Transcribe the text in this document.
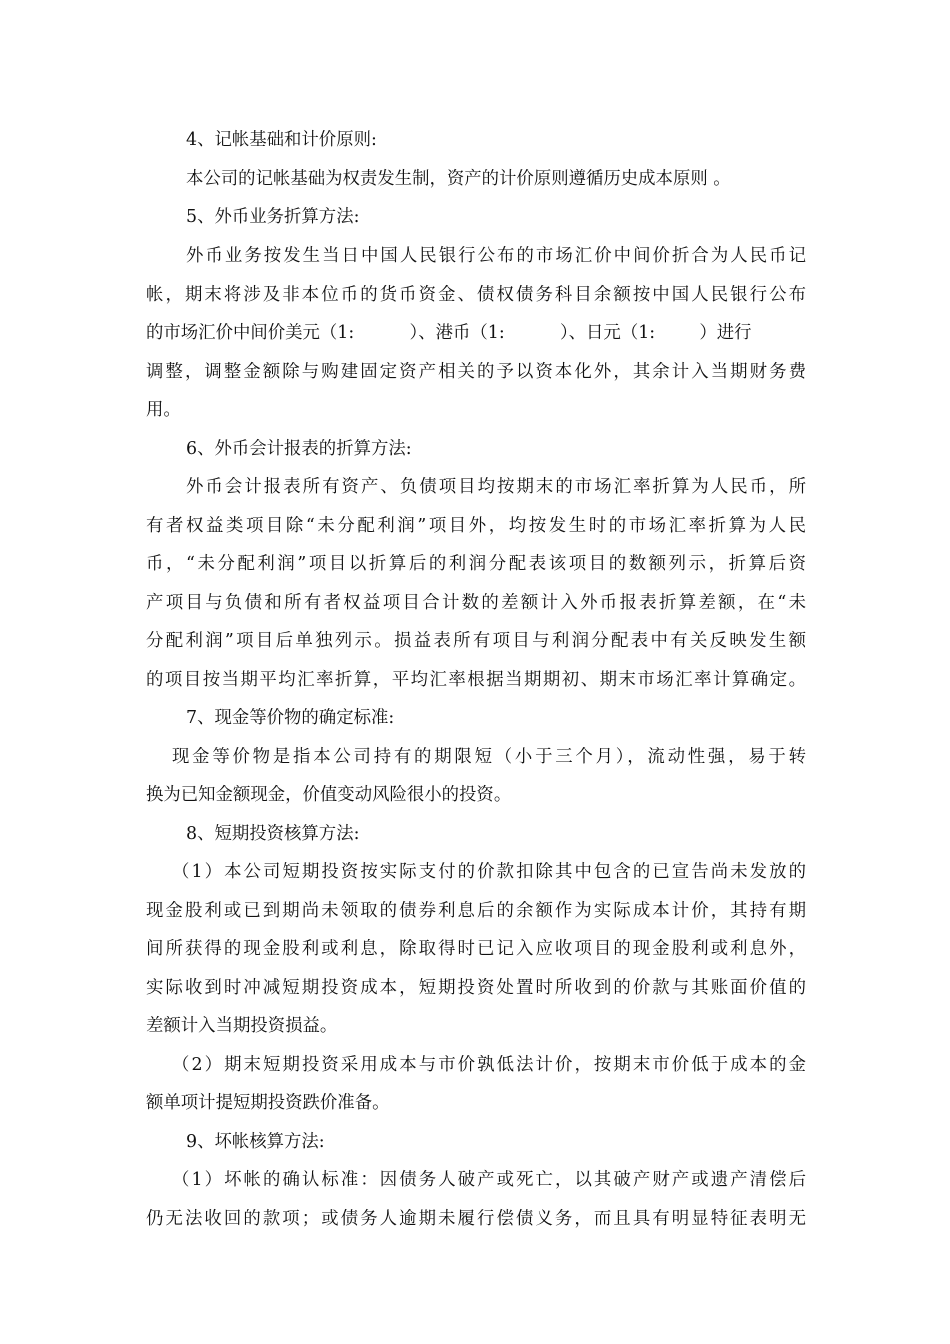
4、记帐基础和计价原则:

本公司的记帐基础为权责发生制，资产的计价原则遵循历史成本原则 。

5、外币业务折算方法:

外币业务按发生当日中国人民银行公布的市场汇价中间价折合为人民币记

帐，期末将涉及非本位币的货币资金、债权债务科目余额按中国人民银行公布

的市场汇价中间价美元（1:          ）、港币（1:          ）、日元（1:        ）进行

调整，调整金额除与购建固定资产相关的予以资本化外，其余计入当期财务费

用。

6、外币会计报表的折算方法:

外币会计报表所有资产、负债项目均按期末的市场汇率折算为人民币，所

有者权益类项目除“未分配利润”项目外，均按发生时的市场汇率折算为人民

币，“未分配利润”项目以折算后的利润分配表该项目的数额列示，折算后资

产项目与负债和所有者权益项目合计数的差额计入外币报表折算差额，在“未

分配利润”项目后单独列示。损益表所有项目与利润分配表中有关反映发生额

的项目按当期平均汇率折算，平均汇率根据当期期初、期末市场汇率计算确定。

7、现金等价物的确定标准:

现金等价物是指本公司持有的期限短（小于三个月），流动性强，易于转

换为已知金额现金，价值变动风险很小的投资。

8、短期投资核算方法:

（1）本公司短期投资按实际支付的价款扣除其中包含的已宣告尚未发放的

现金股利或已到期尚未领取的债券利息后的余额作为实际成本计价，其持有期

间所获得的现金股利或利息，除取得时已记入应收项目的现金股利或利息外，

实际收到时冲减短期投资成本，短期投资处置时所收到的价款与其账面价值的

差额计入当期投资损益。

（2）期末短期投资采用成本与市价孰低法计价，按期末市价低于成本的金

额单项计提短期投资跌价准备。

9、坏帐核算方法:

（1）坏帐的确认标准：因债务人破产或死亡，以其破产财产或遗产清偿后

仍无法收回的款项；或债务人逾期未履行偿债义务，而且具有明显特征表明无
